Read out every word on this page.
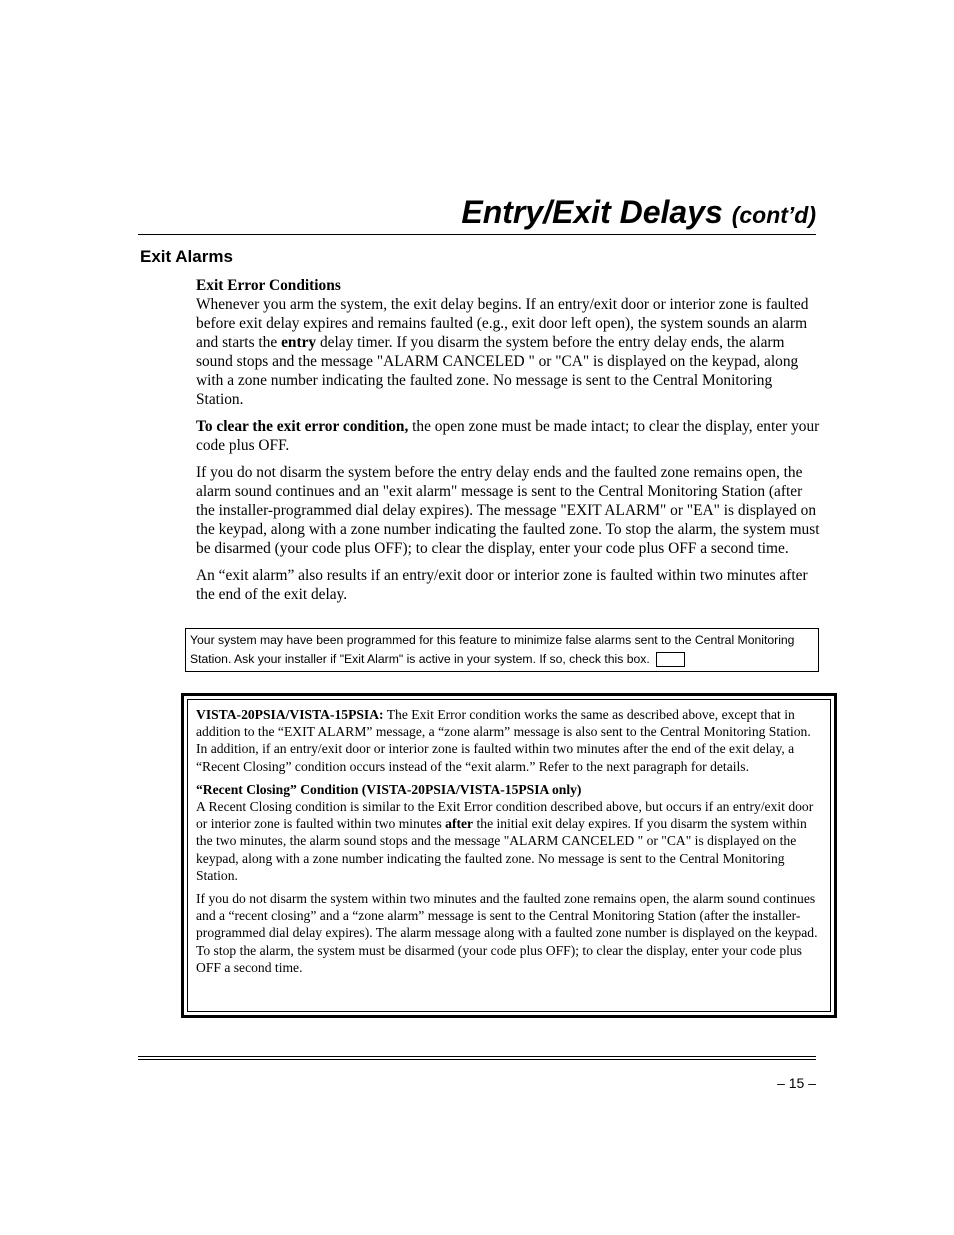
Entry/Exit Delays (cont’d)
Exit Alarms

Exit Error Conditions

Whenever you arm the system, the exit delay begins. If an entry/exit door or interior zone is faulted before exit delay expires and remains faulted (e.g., exit door left open), the system sounds an alarm and starts the entry delay timer. If you disarm the system before the entry delay ends, the alarm sound stops and the message "ALARM CANCELED " or "CA" is displayed on the keypad, along with a zone number indicating the faulted zone. No message is sent to the Central Monitoring Station.

To clear the exit error condition, the open zone must be made intact; to clear the display, enter your code plus OFF.

If you do not disarm the system before the entry delay ends and the faulted zone remains open, the alarm sound continues and an "exit alarm" message is sent to the Central Monitoring Station (after the installer-programmed dial delay expires). The message "EXIT ALARM" or "EA" is displayed on the keypad, along with a zone number indicating the faulted zone. To stop the alarm, the system must be disarmed (your code plus OFF); to clear the display, enter your code plus OFF a second time.

An “exit alarm” also results if an entry/exit door or interior zone is faulted within two minutes after the end of the exit delay.

Your system may have been programmed for this feature to minimize false alarms sent to the Central Monitoring Station. Ask your installer if "Exit Alarm" is active in your system. If so, check this box.

VISTA-20PSIA/VISTA-15PSIA: The Exit Error condition works the same as described above, except that in addition to the “EXIT ALARM” message, a “zone alarm” message is also sent to the Central Monitoring Station. In addition, if an entry/exit door or interior zone is faulted within two minutes after the end of the exit delay, a “Recent Closing” condition occurs instead of the “exit alarm.” Refer to the next paragraph for details.

“Recent Closing” Condition (VISTA-20PSIA/VISTA-15PSIA only)

A Recent Closing condition is similar to the Exit Error condition described above, but occurs if an entry/exit door or interior zone is faulted within two minutes after the initial exit delay expires. If you disarm the system within the two minutes, the alarm sound stops and the message "ALARM CANCELED " or "CA" is displayed on the keypad, along with a zone number indicating the faulted zone. No message is sent to the Central Monitoring Station.

If you do not disarm the system within two minutes and the faulted zone remains open, the alarm sound continues and a “recent closing” and a “zone alarm” message is sent to the Central Monitoring Station (after the installer-programmed dial delay expires). The alarm message along with a faulted zone number is displayed on the keypad. To stop the alarm, the system must be disarmed (your code plus OFF); to clear the display, enter your code plus OFF a second time.

– 15 –
